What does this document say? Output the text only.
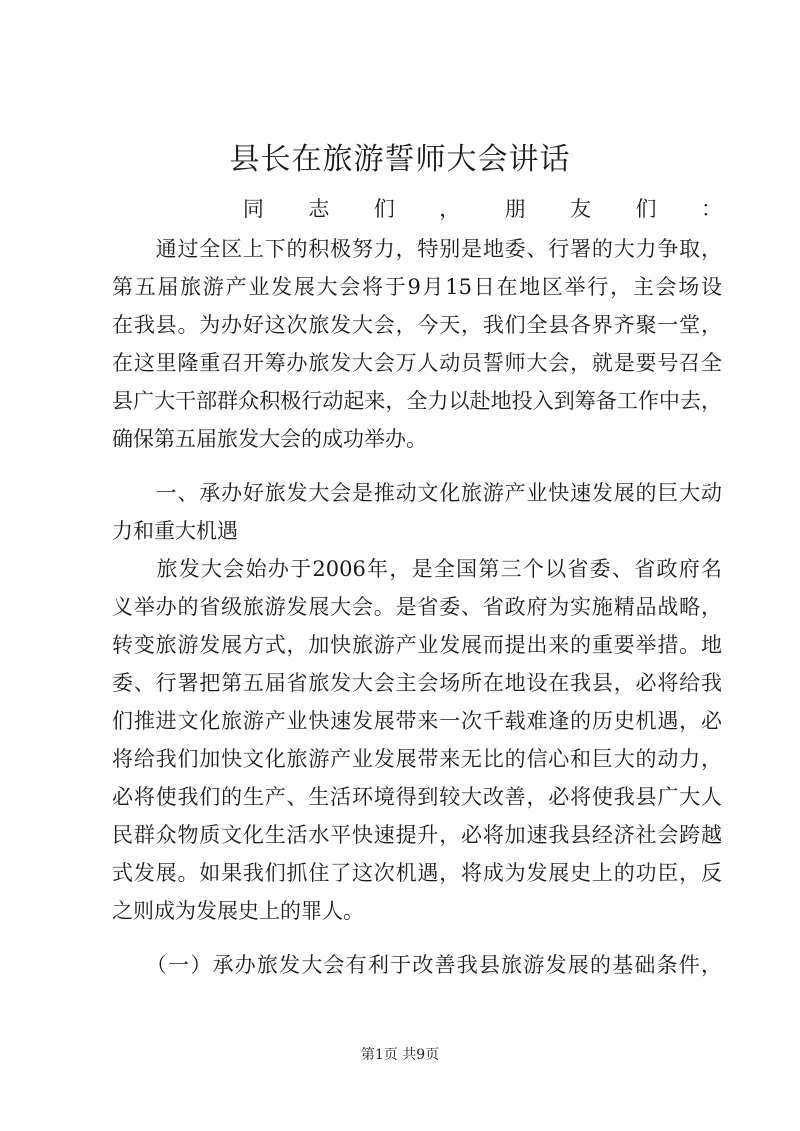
县长在旅游誓师大会讲话
　　同志们，朋友们：
　　通过全区上下的积极努力，特别是地委、行署的大力争取，
第五届旅游产业发展大会将于9月15日在地区举行，主会场设
在我县。为办好这次旅发大会，今天，我们全县各界齐聚一堂，
在这里隆重召开筹办旅发大会万人动员誓师大会，就是要号召全
县广大干部群众积极行动起来，全力以赴地投入到筹备工作中去，
确保第五届旅发大会的成功举办。
　　一、承办好旅发大会是推动文化旅游产业快速发展的巨大动
力和重大机遇
　　旅发大会始办于2006年，是全国第三个以省委、省政府名
义举办的省级旅游发展大会。是省委、省政府为实施精品战略，
转变旅游发展方式，加快旅游产业发展而提出来的重要举措。地
委、行署把第五届省旅发大会主会场所在地设在我县，必将给我
们推进文化旅游产业快速发展带来一次千载难逢的历史机遇，必
将给我们加快文化旅游产业发展带来无比的信心和巨大的动力，
必将使我们的生产、生活环境得到较大改善，必将使我县广大人
民群众物质文化生活水平快速提升，必将加速我县经济社会跨越
式发展。如果我们抓住了这次机遇，将成为发展史上的功臣，反
之则成为发展史上的罪人。
　　（一）承办旅发大会有利于改善我县旅游发展的基础条件，
第1页 共9页
